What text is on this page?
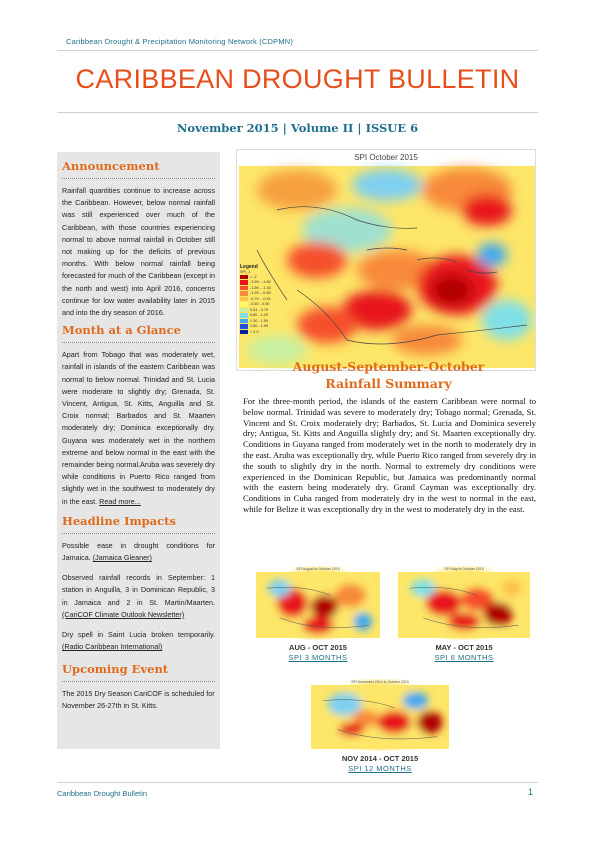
Caribbean Drought & Precipitation Monitoring Network (CDPMN)
CARIBBEAN DROUGHT BULLETIN
November 2015 | Volume II | ISSUE 6
Announcement
Rainfall quantities continue to increase across the Caribbean. However, below normal rainfall was still experienced over much of the Caribbean, with those countries experiencing normal to above normal rainfall in October still not making up for the deficits of previous months. With below normal rainfall being forecasted for much of the Caribbean (except in the north and west) into April 2016, concerns continue for low water availability later in 2015 and into the dry season of 2016.
Month at a Glance
Apart from Tobago that was moderately wet, rainfall in islands of the eastern Caribbean was normal to below normal. Trinidad and St. Lucia were moderate to slightly dry; Grenada, St. Vincent, Antigua, St. Kitts, Anguilla and St. Croix normal; Barbados and St. Maarten moderately dry; Dominica exceptionally dry. Guyana was moderately wet in the northern extreme and below normal in the east with the remainder being normal.Aruba was severely dry while conditions in Puerto Rico ranged from slightly wet in the southwest to moderately dry in the east. Read more...
Headline Impacts
Possible ease in drought conditions for Jamaica. (Jamaica Gleaner)
Observed rainfall records in September: 1 station in Anguilla, 3 in Dominican Republic, 3 in Jamaica and 2 in St. Martin/Maarten. (CariCOF Climate Outlook Newsletter)
Dry spell in Saint Lucia broken temporarily. (Radio Caribbean International)
Upcoming Event
The 2015 Dry Season CariCOF is scheduled for November 26-27th in St. Kitts.
SPI October 2015
Legend
SPI_1
< -2
-1.99 - -1.60
-1.59 - -1.30
-1.29 - -0.80
-0.79 - -0.51
-0.50 - 0.50
0.51 - 0.79
0.80 - 1.29
1.30 - 1.59
1.60 - 1.99
> 2.0
August-September-October
Rainfall Summary
For the three-month period, the islands of the eastern Caribbean were normal to below normal. Trinidad was severe to moderately dry; Tobago normal; Grenada, St. Vincent and St. Croix moderately dry; Barbados, St. Lucia and Dominica severely dry; Antigua, St. Kitts and Anguilla slightly dry; and St. Maarten exceptionally dry. Conditions in Guyana ranged from moderately wet in the north to moderately dry in the east. Aruba was exceptionally dry, while Puerto Rico ranged from severely dry in the south to slightly dry in the north. Normal to extremely dry conditions were experienced in the Dominican Republic, but Jamaica was predominantly normal with the eastern being moderately dry. Grand Cayman was exceptionally dry. Conditions in Cuba ranged from moderately dry in the west to normal in the east, while for Belize it was exceptionally dry in the west to moderately dry in the east.
SPI August to October 2015
AUG - OCT 2015
SPI 3 MONTHS
SPI May to October 2015
MAY - OCT 2015
SPI 6 MONTHS
SPI November 2014 to October 2015
NOV 2014 - OCT 2015
SPI 12 MONTHS
Caribbean Drought Bulletin	1
